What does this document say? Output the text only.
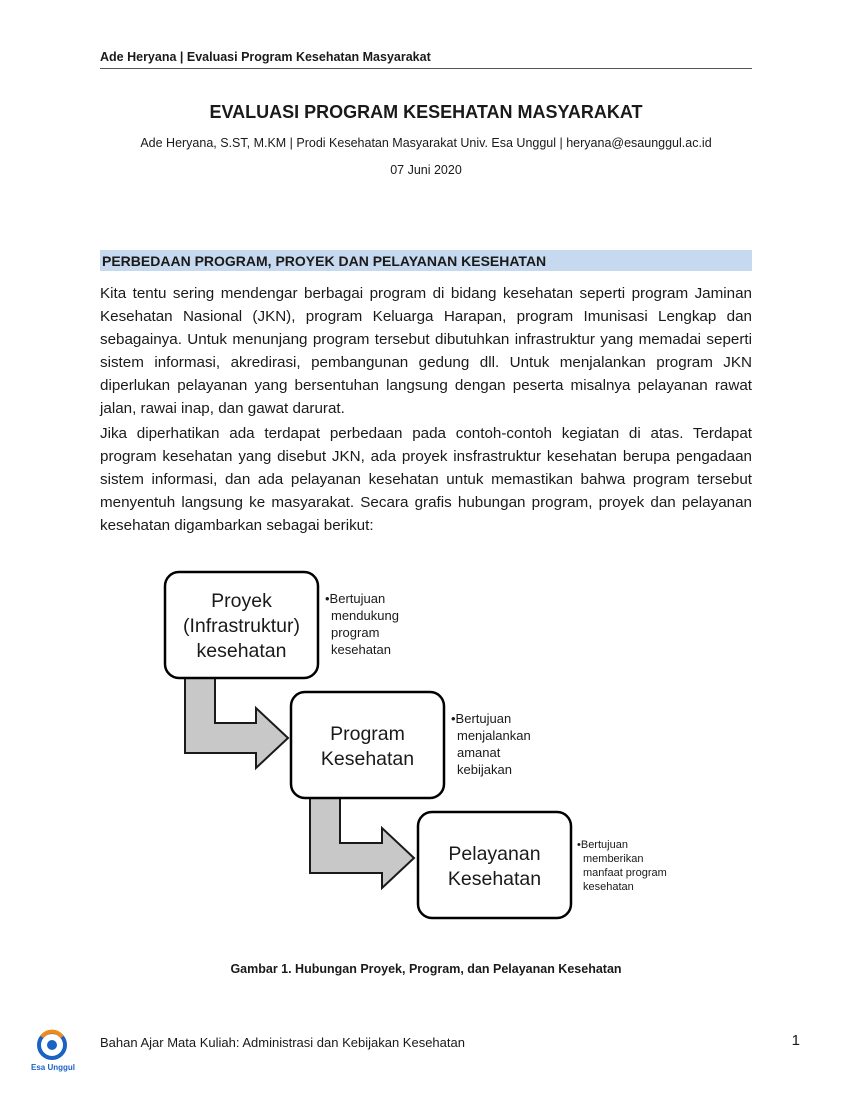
Ade Heryana | Evaluasi Program Kesehatan Masyarakat
EVALUASI PROGRAM KESEHATAN MASYARAKAT
Ade Heryana, S.ST, M.KM | Prodi Kesehatan Masyarakat Univ. Esa Unggul | heryana@esaunggul.ac.id
07 Juni 2020
PERBEDAAN PROGRAM, PROYEK DAN PELAYANAN KESEHATAN

Kita tentu sering mendengar berbagai program di bidang kesehatan seperti program Jaminan Kesehatan Nasional (JKN), program Keluarga Harapan, program Imunisasi Lengkap dan sebagainya. Untuk menunjang program tersebut dibutuhkan infrastruktur yang memadai seperti sistem informasi, akredirasi, pembangunan gedung dll. Untuk menjalankan program JKN diperlukan pelayanan yang bersentuhan langsung dengan peserta misalnya pelayanan rawat jalan, rawai inap, dan gawat darurat.

Jika diperhatikan ada terdapat perbedaan pada contoh-contoh kegiatan di atas. Terdapat program kesehatan yang disebut JKN, ada proyek insfrastruktur kesehatan berupa pengadaan sistem informasi, dan ada pelayanan kesehatan untuk memastikan bahwa program tersebut menyentuh langsung ke masyarakat. Secara grafis hubungan program, proyek dan pelayanan kesehatan digambarkan sebagai berikut:

Proyek
(Infrastruktur)
kesehatan
•Bertujuan
mendukung
program
kesehatan
Program
Kesehatan
•Bertujuan
menjalankan
amanat
kebijakan
Pelayanan
Kesehatan
•Bertujuan
memberikan
manfaat program
kesehatan
Gambar 1. Hubungan Proyek, Program, dan Pelayanan Kesehatan
Esa Unggul
Bahan Ajar Mata Kuliah: Administrasi dan Kebijakan Kesehatan	1
